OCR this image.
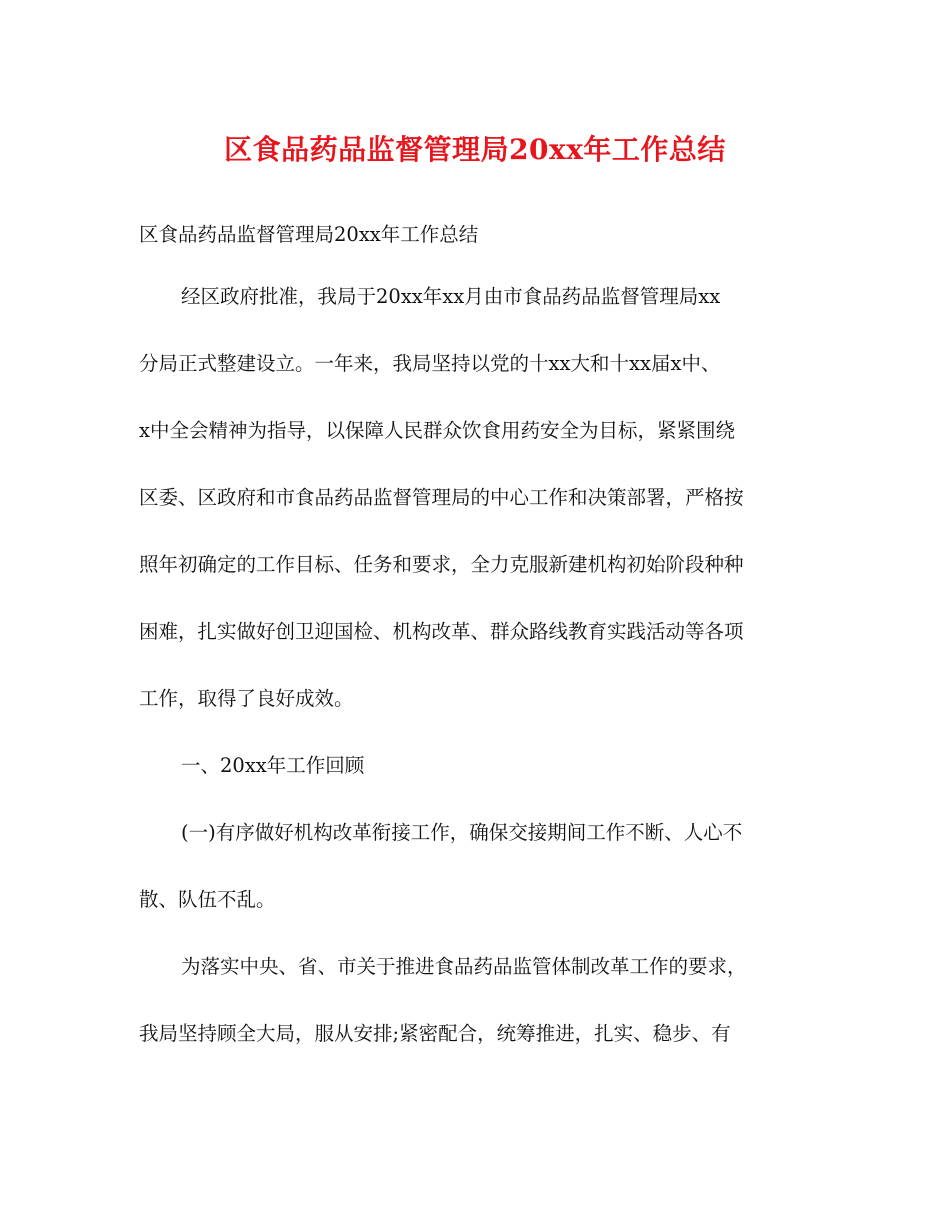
区食品药品监督管理局20xx年工作总结
区食品药品监督管理局20xx年工作总结
经区政府批准，我局于20xx年xx月由市食品药品监督管理局xx
分局正式整建设立。一年来，我局坚持以党的十xx大和十xx届x中、
x中全会精神为指导，以保障人民群众饮食用药安全为目标，紧紧围绕
区委、区政府和市食品药品监督管理局的中心工作和决策部署，严格按
照年初确定的工作目标、任务和要求，全力克服新建机构初始阶段种种
困难，扎实做好创卫迎国检、机构改革、群众路线教育实践活动等各项
工作，取得了良好成效。
一、20xx年工作回顾
(一)有序做好机构改革衔接工作，确保交接期间工作不断、人心不
散、队伍不乱。
为落实中央、省、市关于推进食品药品监管体制改革工作的要求，
我局坚持顾全大局，服从安排;紧密配合，统筹推进，扎实、稳步、有
